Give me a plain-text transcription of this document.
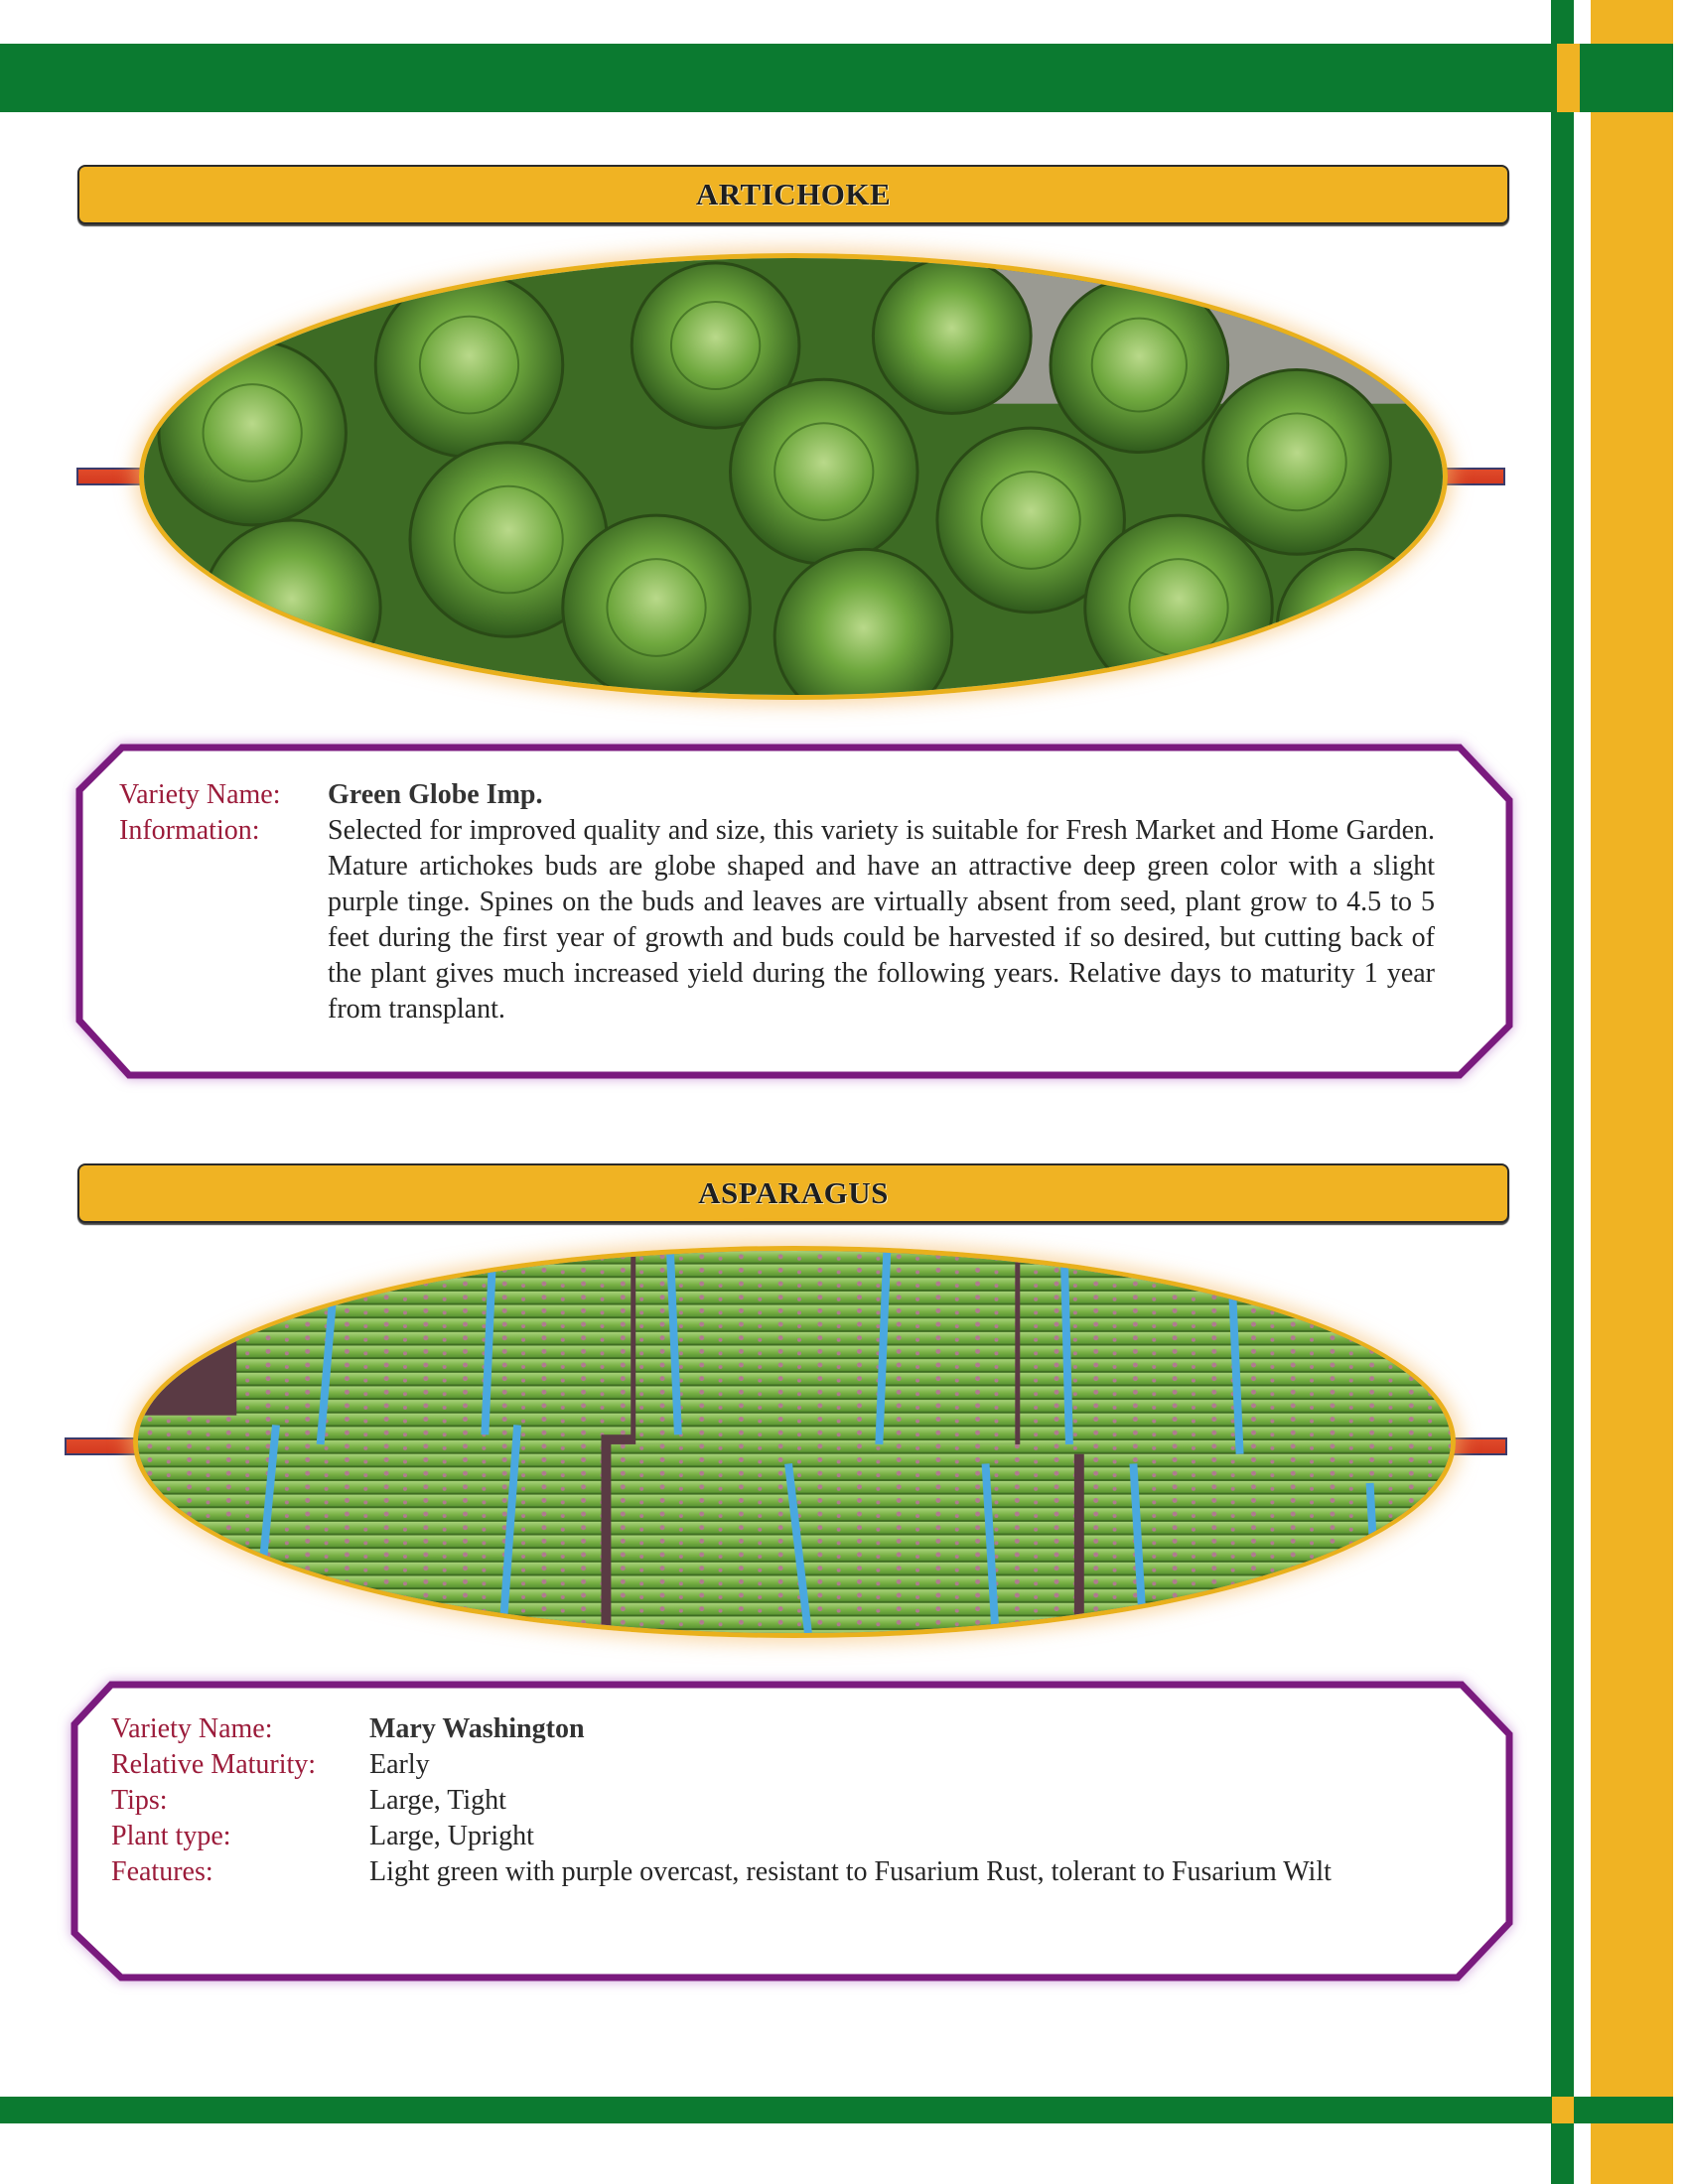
ARTICHOKE
Variety Name:	Green Globe Imp.
Information:	Selected for improved quality and size, this variety is suitable for Fresh Market and Home Garden. Mature artichokes buds are globe shaped and have an attractive deep green color with a slight purple tinge. Spines on the buds and leaves are virtually absent from seed, plant grow to 4.5 to 5 feet during the first year of growth and buds could be harvested if so desired, but cutting back of the plant gives much increased yield during the following years. Relative days to maturity 1 year from transplant.
ASPARAGUS
Variety Name:	Mary Washington
Relative Maturity:	Early
Tips:	Large, Tight
Plant type:	Large, Upright
Features:	Light green with purple overcast, resistant to Fusarium Rust, tolerant to Fusarium Wilt
